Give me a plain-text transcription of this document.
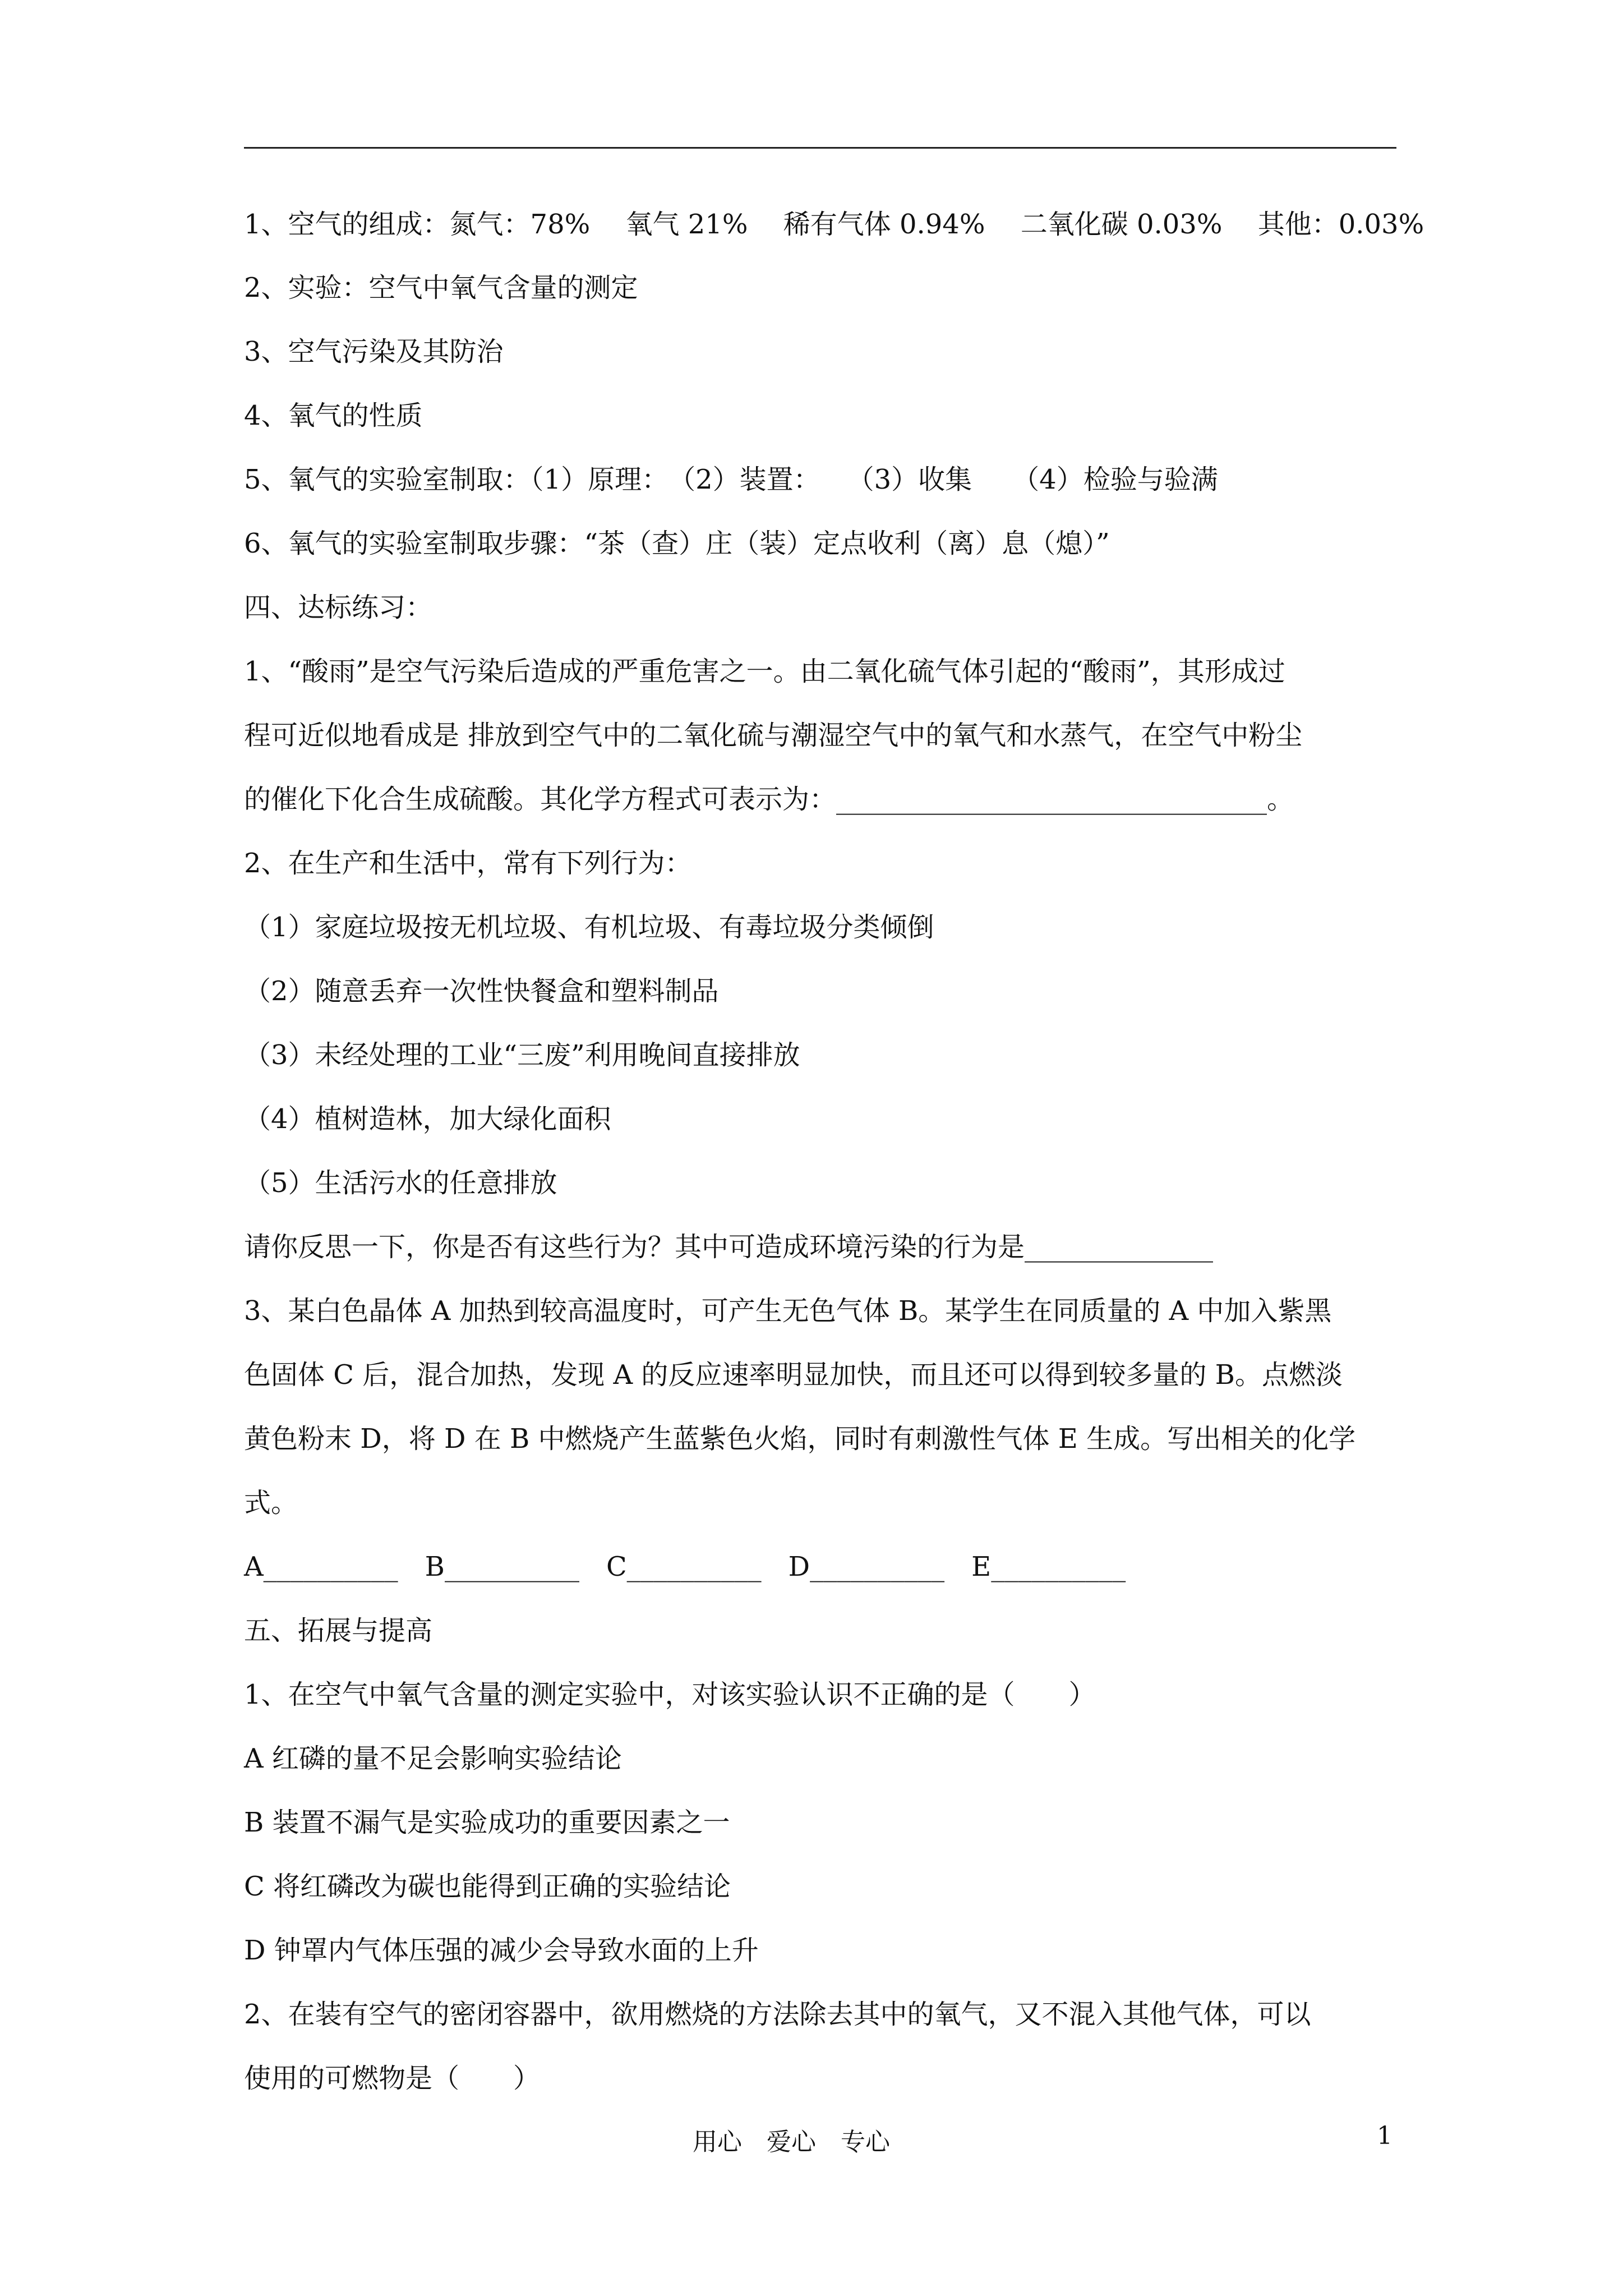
1、空气的组成：氮气：78%　 氧气 21%　 稀有气体 0.94%　 二氧化碳 0.03%　 其他：0.03%
2、实验：空气中氧气含量的测定
3、空气污染及其防治
4、氧气的性质
5、氧气的实验室制取：（1）原理：　（2）装置：　　（3）收集　　（4）检验与验满
6、氧气的实验室制取步骤：“茶（查）庄（装）定点收利（离）息（熄）”
四、达标练习：
1、“酸雨”是空气污染后造成的严重危害之一。由二氧化硫气体引起的“酸雨”，其形成过
程可近似地看成是 排放到空气中的二氧化硫与潮湿空气中的氧气和水蒸气，在空气中粉尘
的催化下化合生成硫酸。其化学方程式可表示为：________________________________。
2、在生产和生活中，常有下列行为：
（1）家庭垃圾按无机垃圾、有机垃圾、有毒垃圾分类倾倒
（2）随意丢弃一次性快餐盒和塑料制品
（3）未经处理的工业“三废”利用晚间直接排放
（4）植树造林，加大绿化面积
（5）生活污水的任意排放
请你反思一下，你是否有这些行为？其中可造成环境污染的行为是______________
3、某白色晶体 A 加热到较高温度时，可产生无色气体 B。某学生在同质量的 A 中加入紫黑
色固体 C 后，混合加热，发现 A 的反应速率明显加快，而且还可以得到较多量的 B。点燃淡
黄色粉末 D，将 D 在 B 中燃烧产生蓝紫色火焰，同时有刺激性气体 E 生成。写出相关的化学
式。
A__________　B__________　C__________　D__________　E__________
五、拓展与提高
1、在空气中氧气含量的测定实验中，对该实验认识不正确的是（　　）
A 红磷的量不足会影响实验结论
B 装置不漏气是实验成功的重要因素之一
C 将红磷改为碳也能得到正确的实验结论
D 钟罩内气体压强的减少会导致水面的上升
2、在装有空气的密闭容器中，欲用燃烧的方法除去其中的氧气，又不混入其他气体，可以
使用的可燃物是（　　）
用心　爱心　专心	1
